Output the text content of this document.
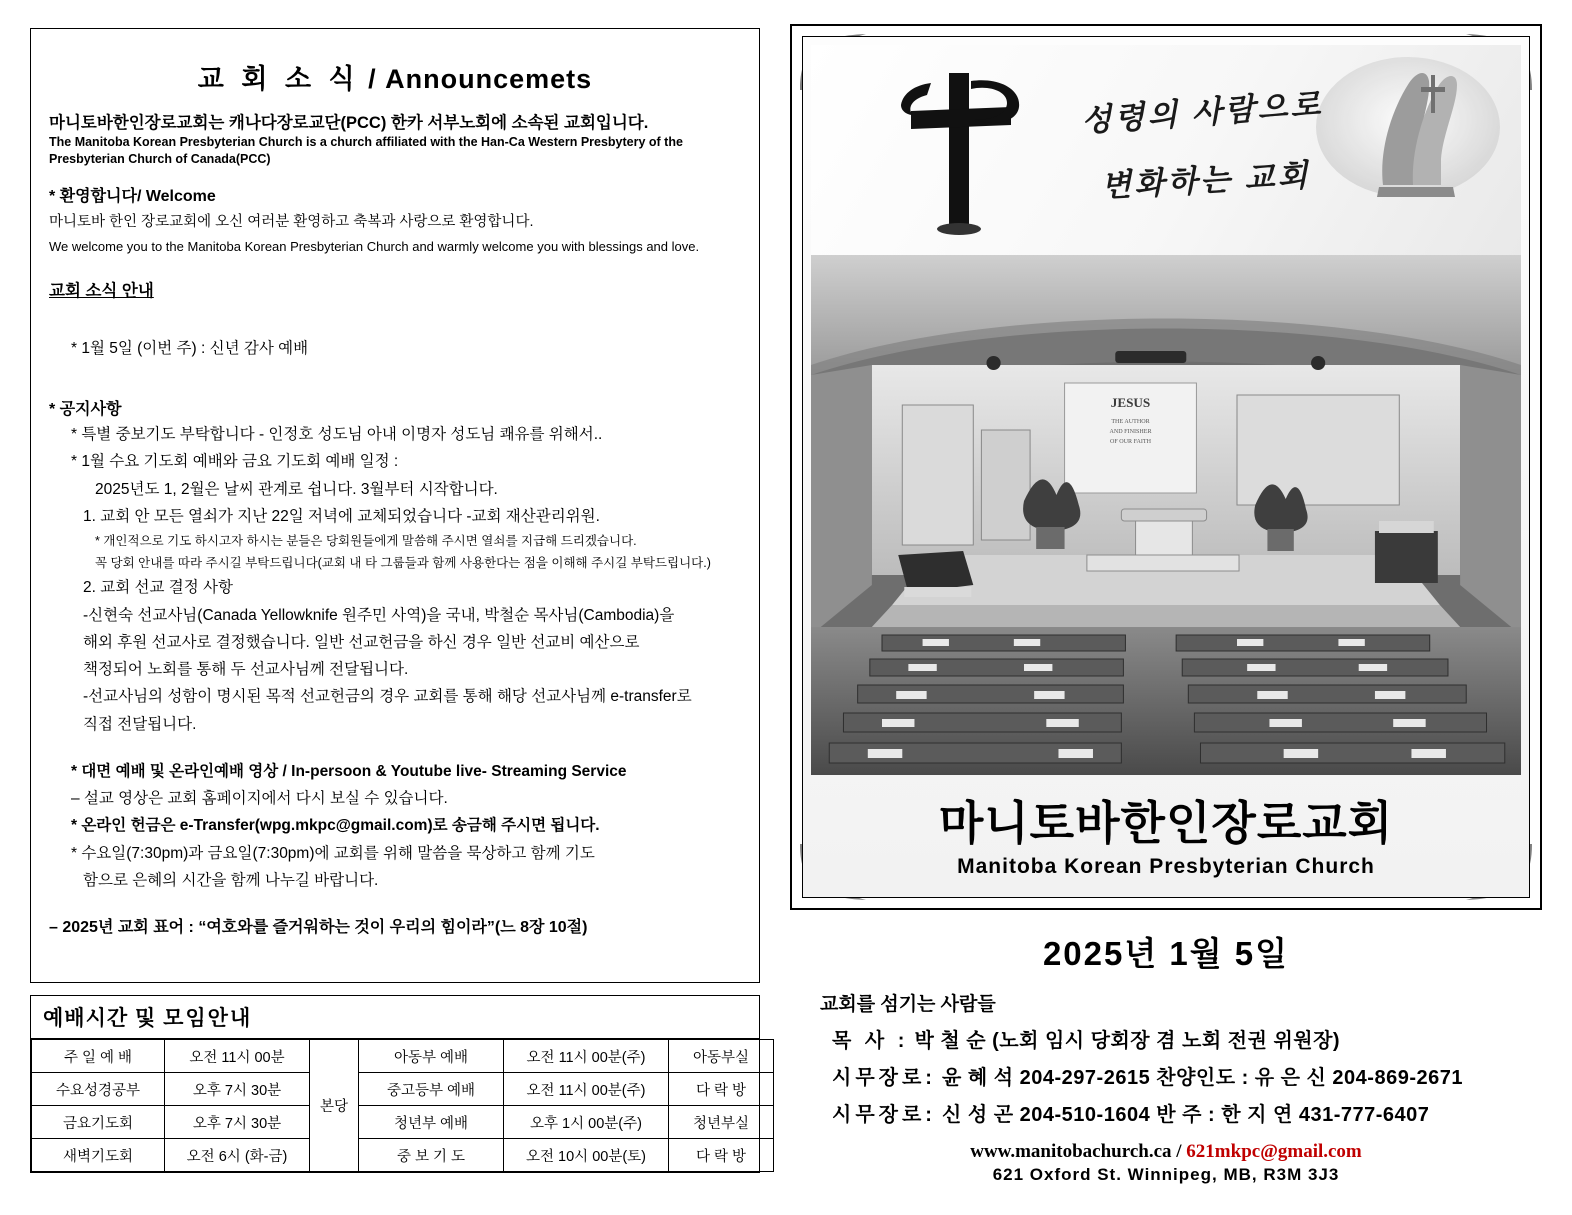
교 회 소 식 / Announcemets
마니토바한인장로교회는 캐나다장로교단(PCC) 한카 서부노회에 소속된 교회입니다.
The Manitoba Korean Presbyterian Church is a church affiliated with the Han-Ca Western Presbytery of the Presbyterian Church of Canada(PCC)
* 환영합니다/ Welcome
마니토바 한인 장로교회에 오신 여러분 환영하고 축복과 사랑으로 환영합니다.
We welcome you to the Manitoba Korean Presbyterian Church and warmly welcome you with blessings and love.
교회 소식 안내
* 1월 5일 (이번 주) : 신년 감사 예배
* 공지사항
* 특별 중보기도 부탁합니다 - 인정호 성도님 아내 이명자 성도님 쾌유를 위해서..
* 1월 수요 기도회 예배와 금요 기도회 예배 일정 :
2025년도 1, 2월은 날씨 관계로 쉽니다. 3월부터 시작합니다.
1. 교회 안 모든 열쇠가 지난 22일 저녁에 교체되었습니다 -교회 재산관리위원.
* 개인적으로 기도 하시고자 하시는 분들은 당회원들에게 말씀해 주시면 열쇠를 지급해 드리겠습니다.
꼭 당회 안내를 따라 주시길 부탁드립니다(교회 내 타 그룹들과 함께 사용한다는 점을 이해해 주시길 부탁드립니다.)
2. 교회 선교 결정 사항
-신현숙 선교사님(Canada Yellowknife 원주민 사역)을 국내, 박철순 목사님(Cambodia)을
해외 후원 선교사로 결정했습니다. 일반 선교헌금을 하신 경우 일반 선교비 예산으로
책정되어 노회를 통해 두 선교사님께 전달됩니다.
-선교사님의 성함이 명시된 목적 선교헌금의 경우 교회를 통해 해당 선교사님께 e-transfer로
직접 전달됩니다.
* 대면 예배 및 온라인예배 영상 / In-persoon & Youtube live- Streaming Service
– 설교 영상은 교회 홈페이지에서 다시 보실 수 있습니다.
* 온라인 헌금은 e-Transfer(wpg.mkpc@gmail.com)로 송금해 주시면 됩니다.
* 수요일(7:30pm)과 금요일(7:30pm)에 교회를 위해 말씀을 묵상하고 함께 기도
함으로 은혜의 시간을 함께 나누길 바랍니다.
– 2025년 교회 표어 : “여호와를 즐거워하는 것이 우리의 힘이라”(느 8장 10절)
예배시간 및 모임안내
주 일 예 배	오전 11시 00분	본당	아동부 예배	오전 11시 00분(주)	아동부실
수요성경공부	오후 7시 30분		중고등부 예배	오전 11시 00분(주)	다 락 방
금요기도회	오후 7시 30분		청년부 예배	오후 1시 00분(주)	청년부실
새벽기도회	오전 6시 (화-금)		중 보 기 도	오전 10시 00분(토)	다 락 방
성령의 사람으로
변화하는 교회
JESUS
THE AUTHOR
AND FINISHER
OF OUR FAITH
마니토바한인장로교회
Manitoba Korean Presbyterian Church
2025년 1월 5일
교회를 섬기는 사람들
목 사 : 박 철 순 (노회 임시 당회장 겸 노회 전권 위원장)
시무장로: 윤 혜 석 204-297-2615 찬양인도 : 유 은 신 204-869-2671
시무장로: 신 성 곤 204-510-1604 반 주 : 한 지 연 431-777-6407
www.manitobachurch.ca / 621mkpc@gmail.com
621 Oxford St. Winnipeg, MB, R3M 3J3
